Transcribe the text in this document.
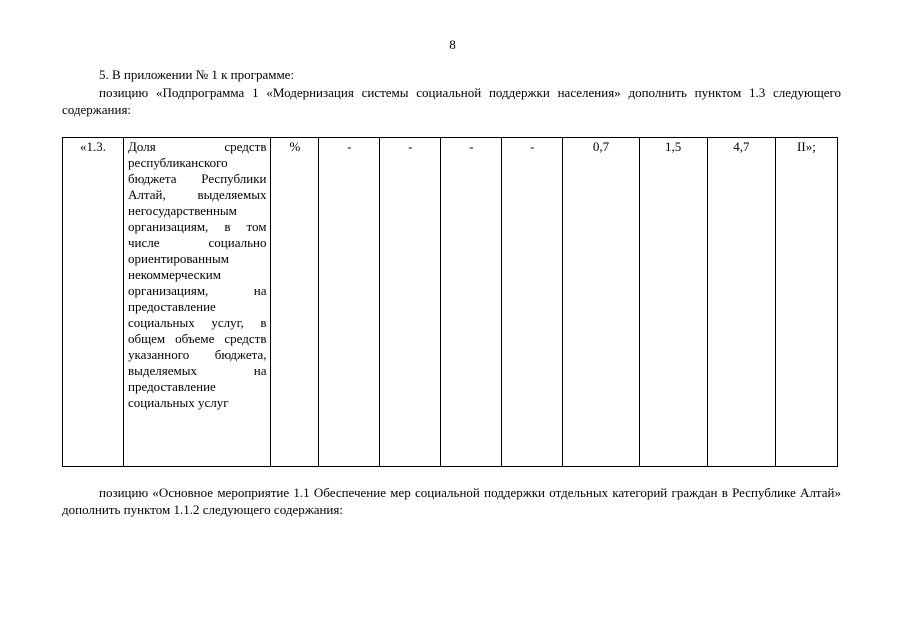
8

5. В приложении № 1 к программе:

позицию «Подпрограмма 1 «Модернизация системы социальной поддержки населения» дополнить пунктом 1.3 следующего содержания:

«1.3.	Доля средств республиканского бюджета Республики Алтай, выделяемых негосударственным организациям, в том числе социально ориентированным некоммерческим организациям, на предоставление социальных услуг, в общем объеме средств указанного бюджета, выделяемых на предоставление социальных услуг	%	-	-	-	-	0,7	1,5	4,7	II»;

позицию «Основное мероприятие 1.1 Обеспечение мер социальной поддержки отдельных категорий граждан в Республике Алтай» дополнить пунктом 1.1.2 следующего содержания:
